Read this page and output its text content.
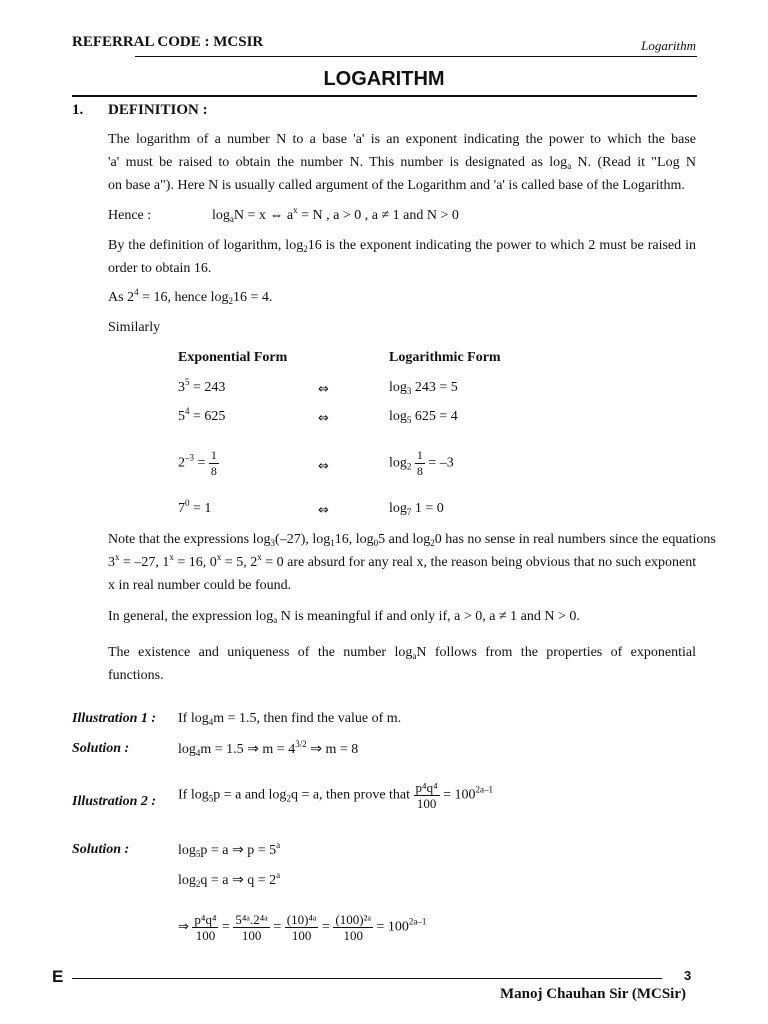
REFERRAL CODE : MCSIR	Logarithm
LOGARITHM
1. DEFINITION :
The logarithm of a number N to a base 'a' is an exponent indicating the power to which the base
'a' must be raised to obtain the number N. This number is designated as $\log_a N$. (Read it "Log N
on base a"). Here N is usually called argument of the Logarithm and 'a' is called base of the Logarithm.
Hence :	$\log_aN = x$ ⇔ $a^x = N$ , a > 0 , a ≠ 1 and N > 0
By the definition of logarithm, $\log_216$ is the exponent indicating the power to which 2 must be raised in
order to obtain 16.
As $2^4 = 16$, hence $\log_216 = 4$.
Similarly
Exponential Form	Logarithmic Form
$3^5 = 243$	⇔	$\log_3 243 = 5$
$5^4 = 625$	⇔	$\log_5 625 = 4$
$2^{-3} = \frac{1}{8}$	⇔	$\log_2 \frac{1}{8} = -3$
$7^0 = 1$	⇔	$\log_7 1 = 0$
Note that the expressions $\log_3(-27)$, $\log_116$, $\log_05$ and $\log_20$ has no sense in real numbers since the equations
$3^x = -27$, $1^x = 16$, $0^x = 5$, $2^x = 0$ are absurd for any real x, the reason being obvious that no such exponent
x in real number could be found.
In general, the expression $\log_a N$ is meaningful if and only if, a > 0, a ≠ 1 and N > 0.
The existence and uniqueness of the number $\log_aN$ follows from the properties of exponential
functions.
Illustration 1 : If $\log_4m = 1.5$, then find the value of m.
Solution :	$\log_4m = 1.5$ ⇒ $m = 4^{3/2}$ ⇒ m = 8
Illustration 2 : If $\log_5p = a$ and $\log_2q = a$, then prove that $\frac{\text{p⁴q⁴}}{100} = 100^{2a-1}$
Solution :	$\log_5p = a$ ⇒ $p = 5^a$
$\log_2q = a$ ⇒ $q = 2^a$
⇒ $\frac{\text{p⁴q⁴}}{100} = \frac{\text{5⁴ᵃ.2⁴ᵃ}}{100} = \frac{\text{(10)⁴ᵃ}}{100} = \frac{\text{(100)²ᵃ}}{100} = 100^{2a-1}$
E	3
Manoj Chauhan Sir (MCSir)
